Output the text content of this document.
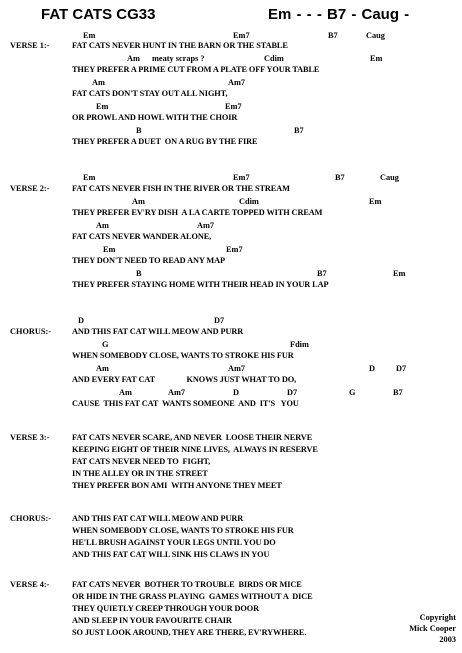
FAT CATS CG33	Em - - - B7 - Caug -
VERSE 1:-
Em	Em7	B7	Caug
FAT CATS NEVER HUNT IN THE BARN OR THE STABLE
Am meaty scraps ?	Cdim	Em
THEY PREFER A PRIME CUT FROM A PLATE OFF YOUR TABLE
Am	Am7
FAT CATS DON'T STAY OUT ALL NIGHT,
Em	Em7
OR PROWL AND HOWL WITH THE CHOIR
B	B7
THEY PREFER A DUET  ON A RUG BY THE FIRE
VERSE 2:-
Em	Em7	B7	Caug
FAT CATS NEVER FISH IN THE RIVER OR THE STREAM
Am	Cdim	Em
THEY PREFER EV'RY DISH  A LA CARTE TOPPED WITH CREAM
Am	Am7
FAT CATS NEVER WANDER ALONE,
Em	Em7
THEY DON'T NEED TO READ ANY MAP
B	B7	Em
THEY PREFER STAYING HOME WITH THEIR HEAD IN YOUR LAP
CHORUS:-
D	D7
AND THIS FAT CAT WILL MEOW AND PURR
G	Fdim
WHEN SOMEBODY CLOSE, WANTS TO STROKE HIS FUR
Am	Am7	D	D7
AND EVERY FAT CAT                KNOWS JUST WHAT TO DO,
Am	Am7	D	D7	G	B7
CAUSE  THIS FAT CAT  WANTS SOMEONE  AND  IT'S   YOU
VERSE 3:-	FAT CATS NEVER SCARE, AND NEVER  LOOSE THEIR NERVE
KEEPING EIGHT OF THEIR NINE LIVES,  ALWAYS IN RESERVE
FAT CATS NEVER NEED TO  FIGHT,
IN THE ALLEY OR IN THE STREET
THEY PREFER BON AMI  WITH ANYONE THEY MEET
CHORUS:-	AND THIS FAT CAT WILL MEOW AND PURR
WHEN SOMEBODY CLOSE, WANTS TO STROKE HIS FUR
HE'LL BRUSH AGAINST YOUR LEGS UNTIL YOU DO
AND THIS FAT CAT WILL SINK HIS CLAWS IN YOU
VERSE 4:-	FAT CATS NEVER  BOTHER TO TROUBLE  BIRDS OR MICE
OR HIDE IN THE GRASS PLAYING  GAMES WITHOUT A  DICE
THEY QUIETLY CREEP THROUGH YOUR DOOR
AND SLEEP IN YOUR FAVOURITE CHAIR
SO JUST LOOK AROUND, THEY ARE THERE, EV'RYWHERE.
Copyright
Mick Cooper
2003
